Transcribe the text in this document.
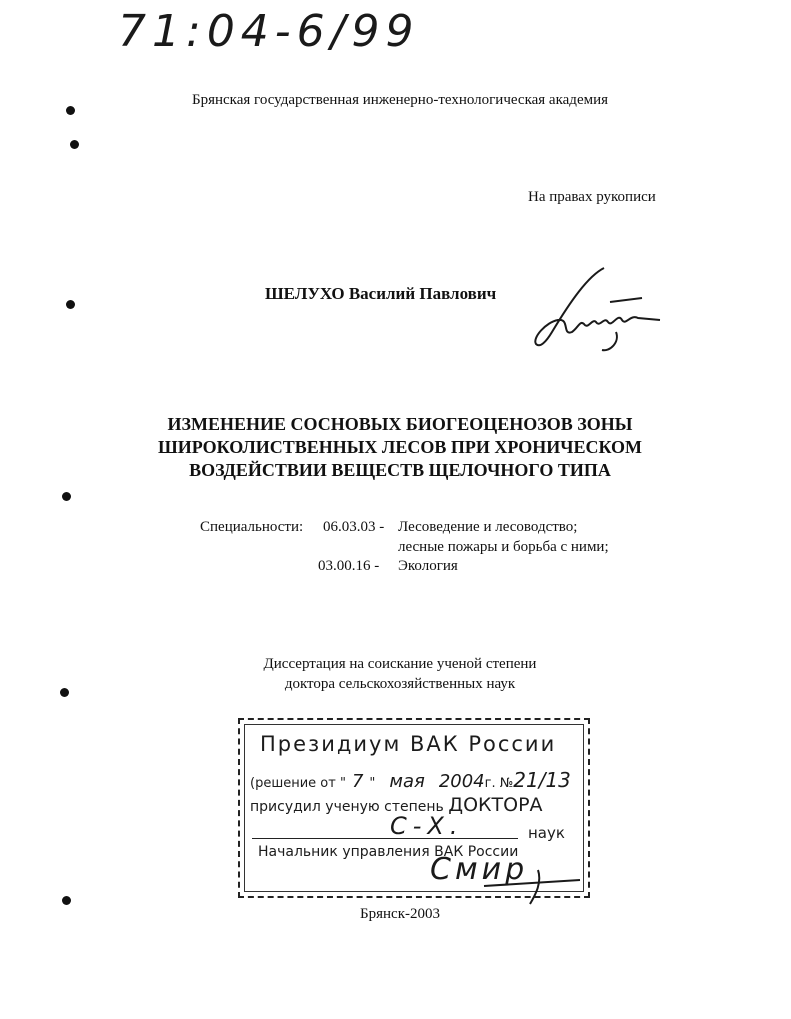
71:04-6/99
Брянская государственная инженерно-технологическая академия
На правах рукописи
ШЕЛУХО Василий Павлович
ИЗМЕНЕНИЕ СОСНОВЫХ БИОГЕОЦЕНОЗОВ ЗОНЫ
ШИРОКОЛИСТВЕННЫХ ЛЕСОВ ПРИ ХРОНИЧЕСКОМ
ВОЗДЕЙСТВИИ ВЕЩЕСТВ ЩЕЛОЧНОГО ТИПА
Специальности: 06.03.03 - Лесоведение и лесоводство;
лесные пожары и борьба с ними;
03.00.16 - Экология
Диссертация на соискание ученой степени
доктора сельскохозяйственных наук
Президиум ВАК России
(решение от " 7 " мая 2004г. №21/13
присудил ученую степень ДОКТОРА
С-Х.	наук
Начальник управления ВАК России
Смир
Брянск-2003
